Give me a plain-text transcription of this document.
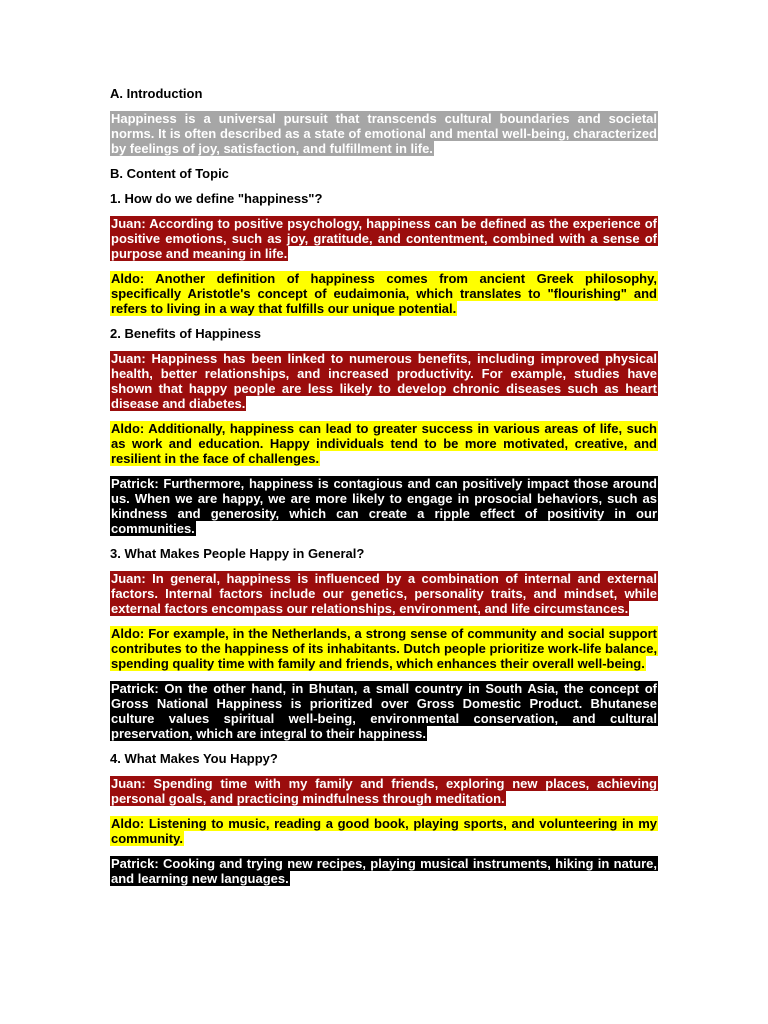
A. Introduction

Happiness is a universal pursuit that transcends cultural boundaries and societal norms. It is often described as a state of emotional and mental well-being, characterized by feelings of joy, satisfaction, and fulfillment in life.

B. Content of Topic
1. How do we define "happiness"?

Juan: According to positive psychology, happiness can be defined as the experience of positive emotions, such as joy, gratitude, and contentment, combined with a sense of purpose and meaning in life.

Aldo: Another definition of happiness comes from ancient Greek philosophy, specifically Aristotle's concept of eudaimonia, which translates to "flourishing" and refers to living in a way that fulfills our unique potential.

2. Benefits of Happiness

Juan: Happiness has been linked to numerous benefits, including improved physical health, better relationships, and increased productivity. For example, studies have shown that happy people are less likely to develop chronic diseases such as heart disease and diabetes.

Aldo: Additionally, happiness can lead to greater success in various areas of life, such as work and education. Happy individuals tend to be more motivated, creative, and resilient in the face of challenges.

Patrick: Furthermore, happiness is contagious and can positively impact those around us. When we are happy, we are more likely to engage in prosocial behaviors, such as kindness and generosity, which can create a ripple effect of positivity in our communities.

3. What Makes People Happy in General?

Juan: In general, happiness is influenced by a combination of internal and external factors. Internal factors include our genetics, personality traits, and mindset, while external factors encompass our relationships, environment, and life circumstances.

Aldo: For example, in the Netherlands, a strong sense of community and social support contributes to the happiness of its inhabitants. Dutch people prioritize work-life balance, spending quality time with family and friends, which enhances their overall well-being.

Patrick: On the other hand, in Bhutan, a small country in South Asia, the concept of Gross National Happiness is prioritized over Gross Domestic Product. Bhutanese culture values spiritual well-being, environmental conservation, and cultural preservation, which are integral to their happiness.

4. What Makes You Happy?

Juan: Spending time with my family and friends, exploring new places, achieving personal goals, and practicing mindfulness through meditation.

Aldo: Listening to music, reading a good book, playing sports, and volunteering in my community.

Patrick: Cooking and trying new recipes, playing musical instruments, hiking in nature, and learning new languages.
